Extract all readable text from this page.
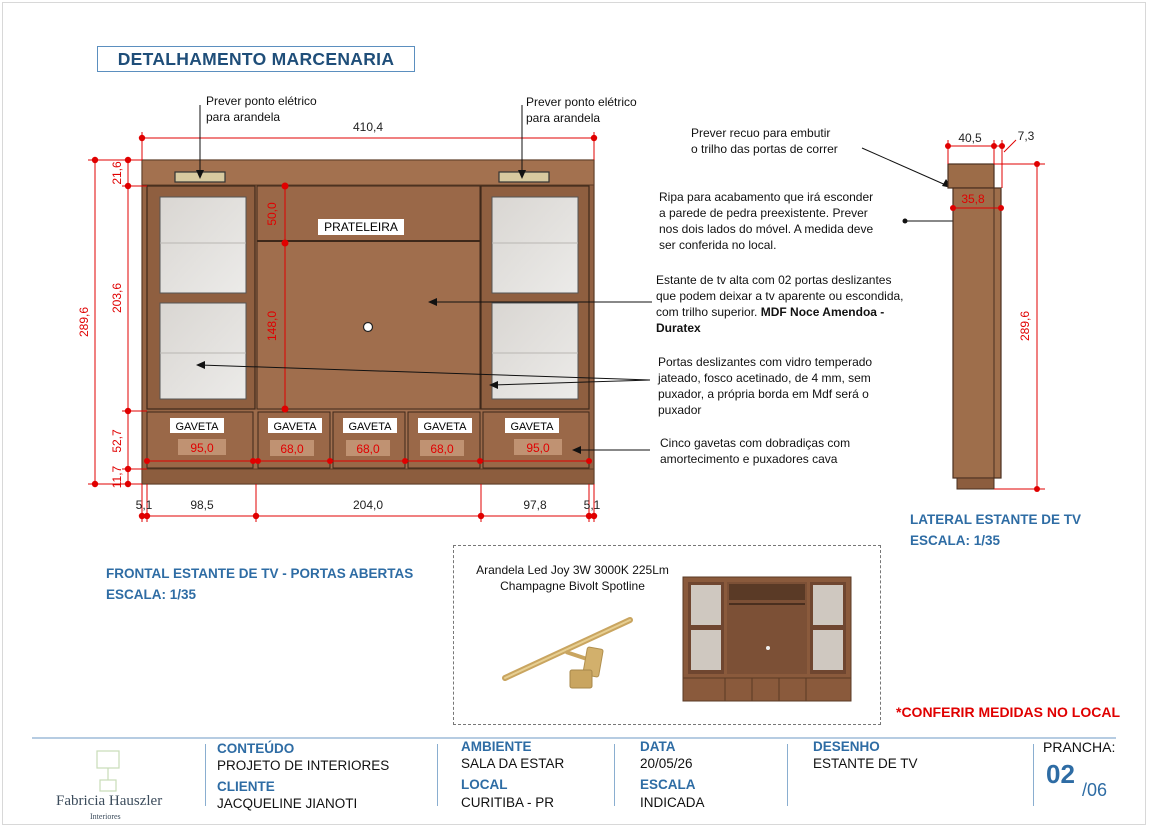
DETALHAMENTO MARCENARIA
PRATELEIRA
GAVETA	GAVETA	GAVETA	GAVETA	GAVETA
95,0	68,0	68,0	68,0	95,0
410,4
289,6
21,6
203,6
52,7
11,7
50,0
148,0
5,1	98,5	204,0	97,8	5,1
40,5	7,3
35,8
289,6
Prever ponto elétrico
para arandela
Prever ponto elétrico
para arandela
Prever recuo para embutir
o trilho das portas de correr
Ripa para acabamento que irá esconder
a parede de pedra preexistente. Prever
nos dois lados do móvel. A medida deve
ser conferida no local.
Estante de tv alta com 02 portas deslizantes
que podem deixar a tv aparente ou escondida,
com trilho superior. MDF Noce Amendoa -
Duratex
Portas deslizantes com vidro temperado
jateado, fosco acetinado, de 4 mm, sem
puxador, a própria borda em Mdf será o
puxador
Cinco gavetas com dobradiças com
amortecimento e puxadores cava
FRONTAL ESTANTE DE TV - PORTAS ABERTAS
ESCALA: 1/35
LATERAL ESTANTE DE TV
ESCALA: 1/35
Arandela Led Joy 3W 3000K 225Lm
Champagne Bivolt Spotline
*CONFERIR MEDIDAS NO LOCAL
Fabricia Hauszler
Interiores
CONTEÚDO
PROJETO DE INTERIORES
CLIENTE
JACQUELINE JIANOTI
AMBIENTE
SALA DA ESTAR
LOCAL
CURITIBA - PR
DATA
20/05/26
ESCALA
INDICADA
DESENHO
ESTANTE DE TV
PRANCHA:
02
/06
